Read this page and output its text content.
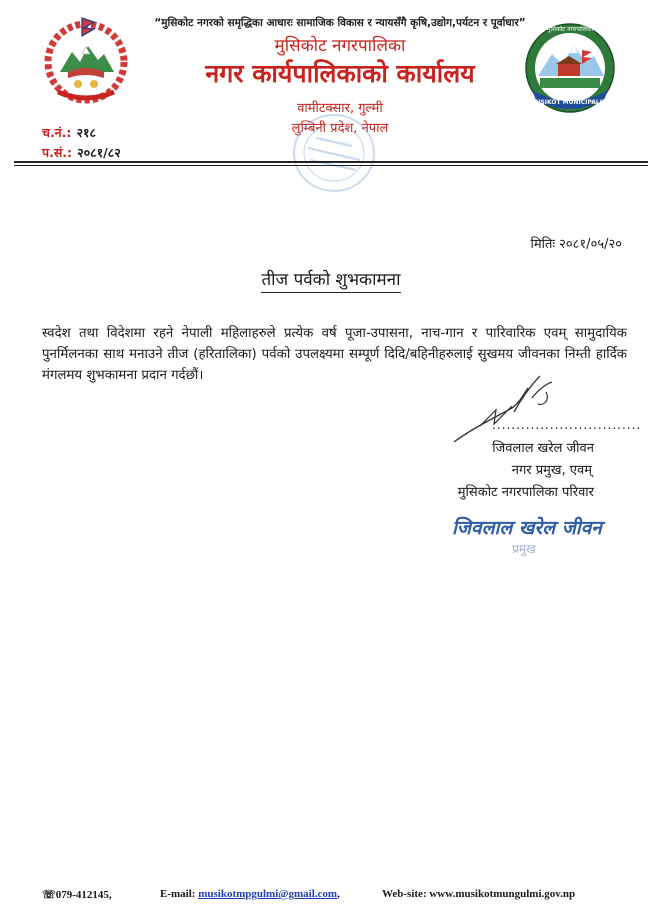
MUSIKOT MUNICIPALITY
मुसिकोट नगरपालिका
“मुसिकोट नगरको समृद्धिका आधारः सामाजिक विकास र न्यायसँगै कृषि,उद्योग,पर्यटन र पूर्वाधार”
मुसिकोट नगरपालिका
नगर कार्यपालिकाको कार्यालय
वामीटक्सार, गुल्मी
लुम्बिनी प्रदेश, नेपाल
च.नं.: २१८
प.सं.: २०८१/८२
मितिः २०८१/०५/२०
तीज पर्वको शुभकामना
स्वदेश तथा विदेशमा रहने नेपाली महिलाहरुले प्रत्येक वर्ष पूजा-उपासना, नाच-गान र पारिवारिक एवम् सामुदायिक पुनर्मिलनका साथ मनाउने तीज (हरितालिका) पर्वको उपलक्ष्यमा सम्पूर्ण दिदि/बहिनीहरुलाई सुखमय जीवनका निम्ती हार्दिक मंगलमय शुभकामना प्रदान गर्दछौं।
...............................
जिवलाल खरेल जीवन
नगर प्रमुख, एवम्
मुसिकोट नगरपालिका परिवार
जिवलाल खरेल जीवन
प्रमुख
☏079-412145,	E-mail: musikotmpgulmi@gmail.com,	Web-site: www.musikotmungulmi.gov.np
